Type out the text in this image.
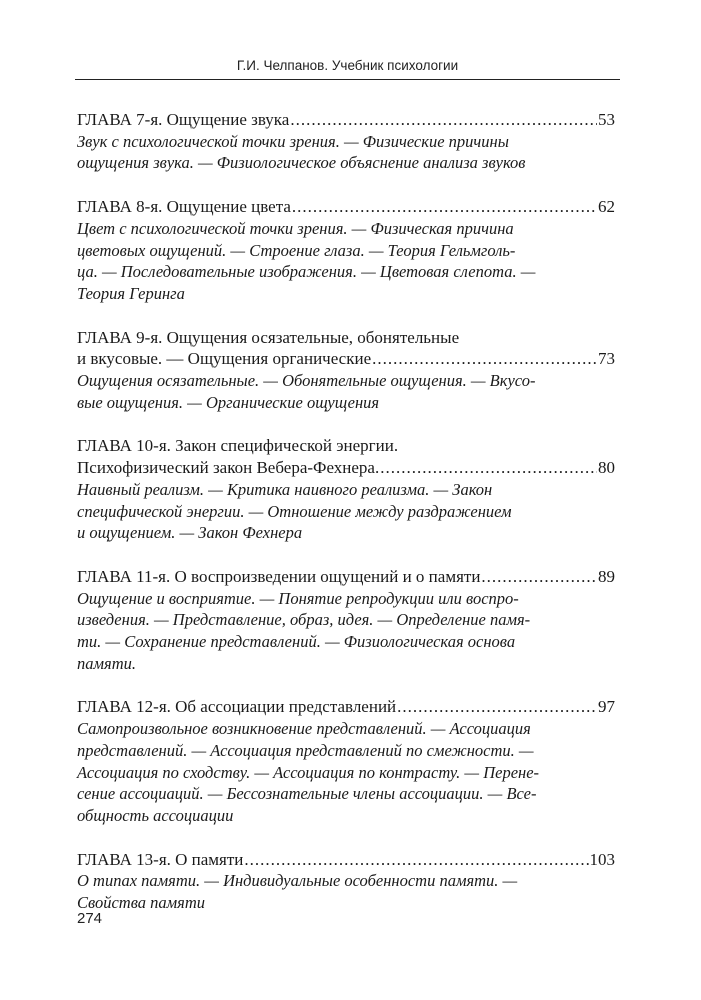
Г.И. Челпанов. Учебник психологии
ГЛАВА 7-я. Ощущение звука .....	53
Звук с психологической точки зрения. — Физические причины
ощущения звука. — Физиологическое объяснение анализа звуков
ГЛАВА 8-я. Ощущение цвета .....	62
Цвет с психологической точки зрения. — Физическая причина
цветовых ощущений. — Строение глаза. — Теория Гельмголь-
ца. — Последовательные изображения. — Цветовая слепота. —
Теория Геринга
ГЛАВА 9-я. Ощущения осязательные, обонятельные
и вкусовые. — Ощущения органические .....	73
Ощущения осязательные. — Обонятельные ощущения. — Вкусо-
вые ощущения. — Органические ощущения
ГЛАВА 10-я. Закон специфической энергии.
Психофизический закон Вебера-Фехнера. .....	80
Наивный реализм. — Критика наивного реализма. — Закон
специфической энергии. — Отношение между раздражением
и ощущением. — Закон Фехнера
ГЛАВА 11-я. О воспроизведении ощущений и о памяти .....	89
Ощущение и восприятие. — Понятие репродукции или воспро-
изведения. — Представление, образ, идея. — Определение памя-
ти. — Сохранение представлений. — Физиологическая основа
памяти.
ГЛАВА 12-я. Об ассоциации представлений .....	97
Самопроизвольное возникновение представлений. — Ассоциация
представлений. — Ассоциация представлений по смежности. —
Ассоциация по сходству. — Ассоциация по контрасту. — Перене-
сение ассоциаций. — Бессознательные члены ассоциации. — Все-
общность ассоциации
ГЛАВА 13-я. О памяти .....	103
О типах памяти. — Индивидуальные особенности памяти. —
Свойства памяти
274
